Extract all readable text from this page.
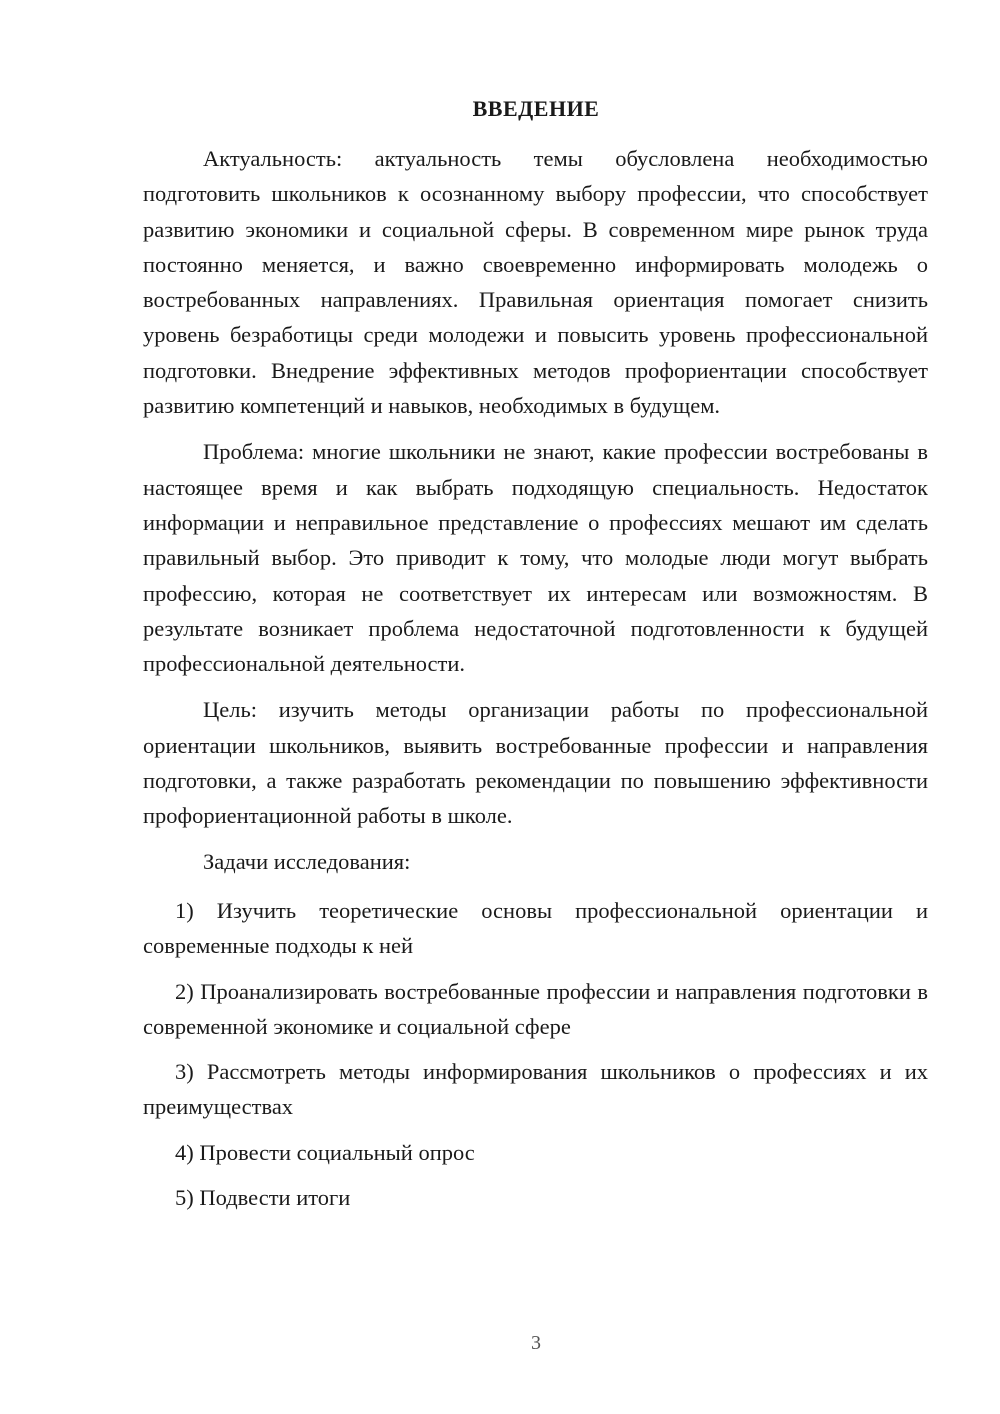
ВВЕДЕНИЕ

Актуальность: актуальность темы обусловлена необходимостью подготовить школьников к осознанному выбору профессии, что способствует развитию экономики и социальной сферы. В современном мире рынок труда постоянно меняется, и важно своевременно информировать молодежь о востребованных направлениях. Правильная ориентация помогает снизить уровень безработицы среди молодежи и повысить уровень профессиональной подготовки. Внедрение эффективных методов профориентации способствует развитию компетенций и навыков, необходимых в будущем.

Проблема: многие школьники не знают, какие профессии востребованы в настоящее время и как выбрать подходящую специальность. Недостаток информации и неправильное представление о профессиях мешают им сделать правильный выбор. Это приводит к тому, что молодые люди могут выбрать профессию, которая не соответствует их интересам или возможностям. В результате возникает проблема недостаточной подготовленности к будущей профессиональной деятельности.

Цель: изучить методы организации работы по профессиональной ориентации школьников, выявить востребованные профессии и направления подготовки, а также разработать рекомендации по повышению эффективности профориентационной работы в школе.

Задачи исследования:

1) Изучить теоретические основы профессиональной ориентации и современные подходы к ней

2) Проанализировать востребованные профессии и направления подготовки в современной экономике и социальной сфере

3) Рассмотреть методы информирования школьников о профессиях и их преимуществах

4) Провести социальный опрос

5) Подвести итоги

3
